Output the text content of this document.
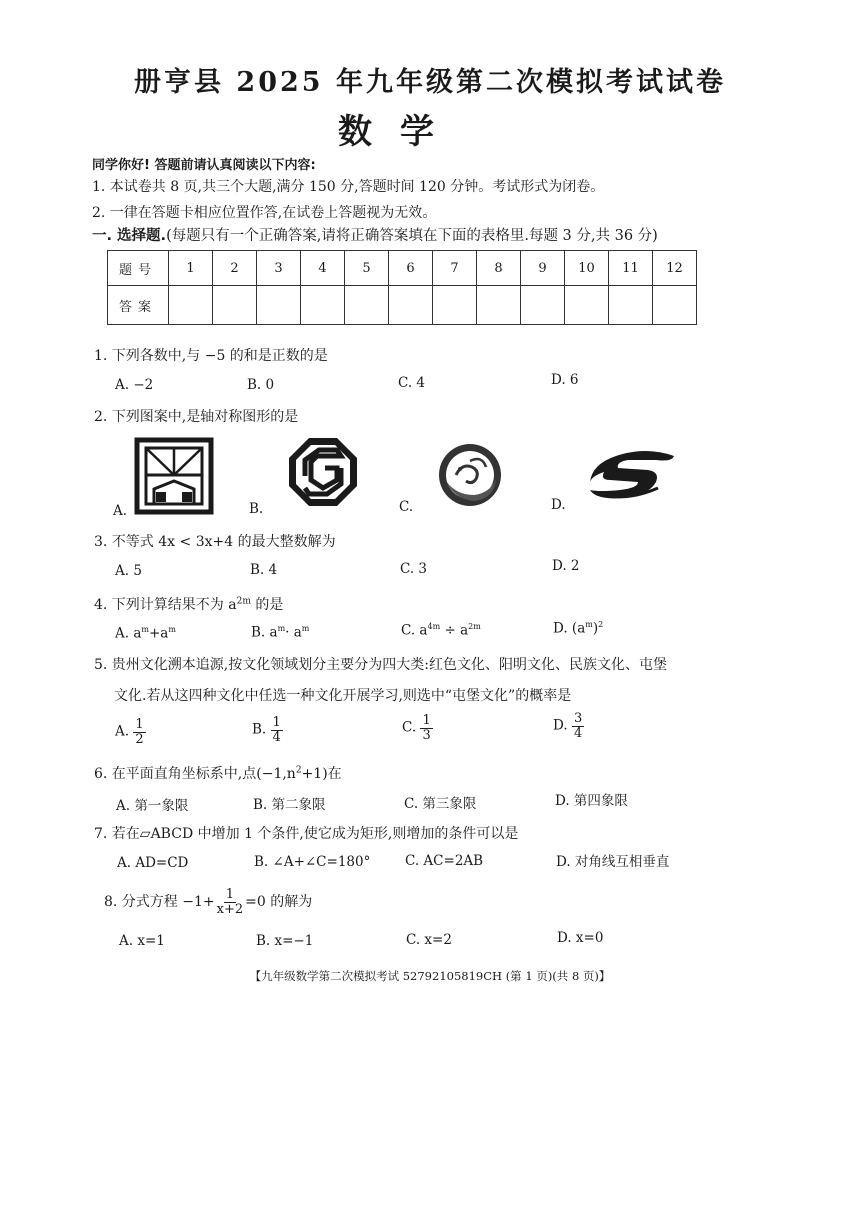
册亨县 2025 年九年级第二次模拟考试试卷
数学
同学你好! 答题前请认真阅读以下内容:
1. 本试卷共 8 页,共三个大题,满分 150 分,答题时间 120 分钟。考试形式为闭卷。
2. 一律在答题卡相应位置作答,在试卷上答题视为无效。
一. 选择题.(每题只有一个正确答案,请将正确答案填在下面的表格里.每题 3 分,共 36 分)
题号	1	2	3	4	5	6	7	8	9	10	11	12
答案												
1. 下列各数中,与 −5 的和是正数的是
A. −2	B. 0	C. 4	D. 6
2. 下列图案中,是轴对称图形的是
A.	B.	C.	D.
3. 不等式 4x < 3x+4 的最大整数解为
A. 5	B. 4	C. 3	D. 2
4. 下列计算结果不为 $a^{2m}$ 的是
A. $a^m+a^m$	B. $a^m\cdot a^m$	C. $a^{4m} \div a^{2m}$	D. $(a^m)^2$
5. 贵州文化溯本追源,按文化领域划分主要分为四大类:红色文化、阳明文化、民族文化、屯堡
文化.若从这四种文化中任选一种文化开展学习,则选中“屯堡文化”的概率是
A. $\frac{1}{2}$	B. $\frac{1}{4}$	C. $\frac{1}{3}$	D. $\frac{3}{4}$
6. 在平面直角坐标系中,点$(-1,n^2+1)$在
A. 第一象限	B. 第二象限	C. 第三象限	D. 第四象限
7. 若在▱ABCD 中增加 1 个条件,使它成为矩形,则增加的条件可以是
A. AD=CD	B. ∠A+∠C=180°	C. AC=2AB	D. 对角线互相垂直
8. 分式方程 $-1+ \frac{1}{x+2} =0$ 的解为
A. x=1	B. x=−1	C. x=2	D. x=0
【九年级数学第二次模拟考试 52792105819CH (第 1 页)(共 8 页)】
